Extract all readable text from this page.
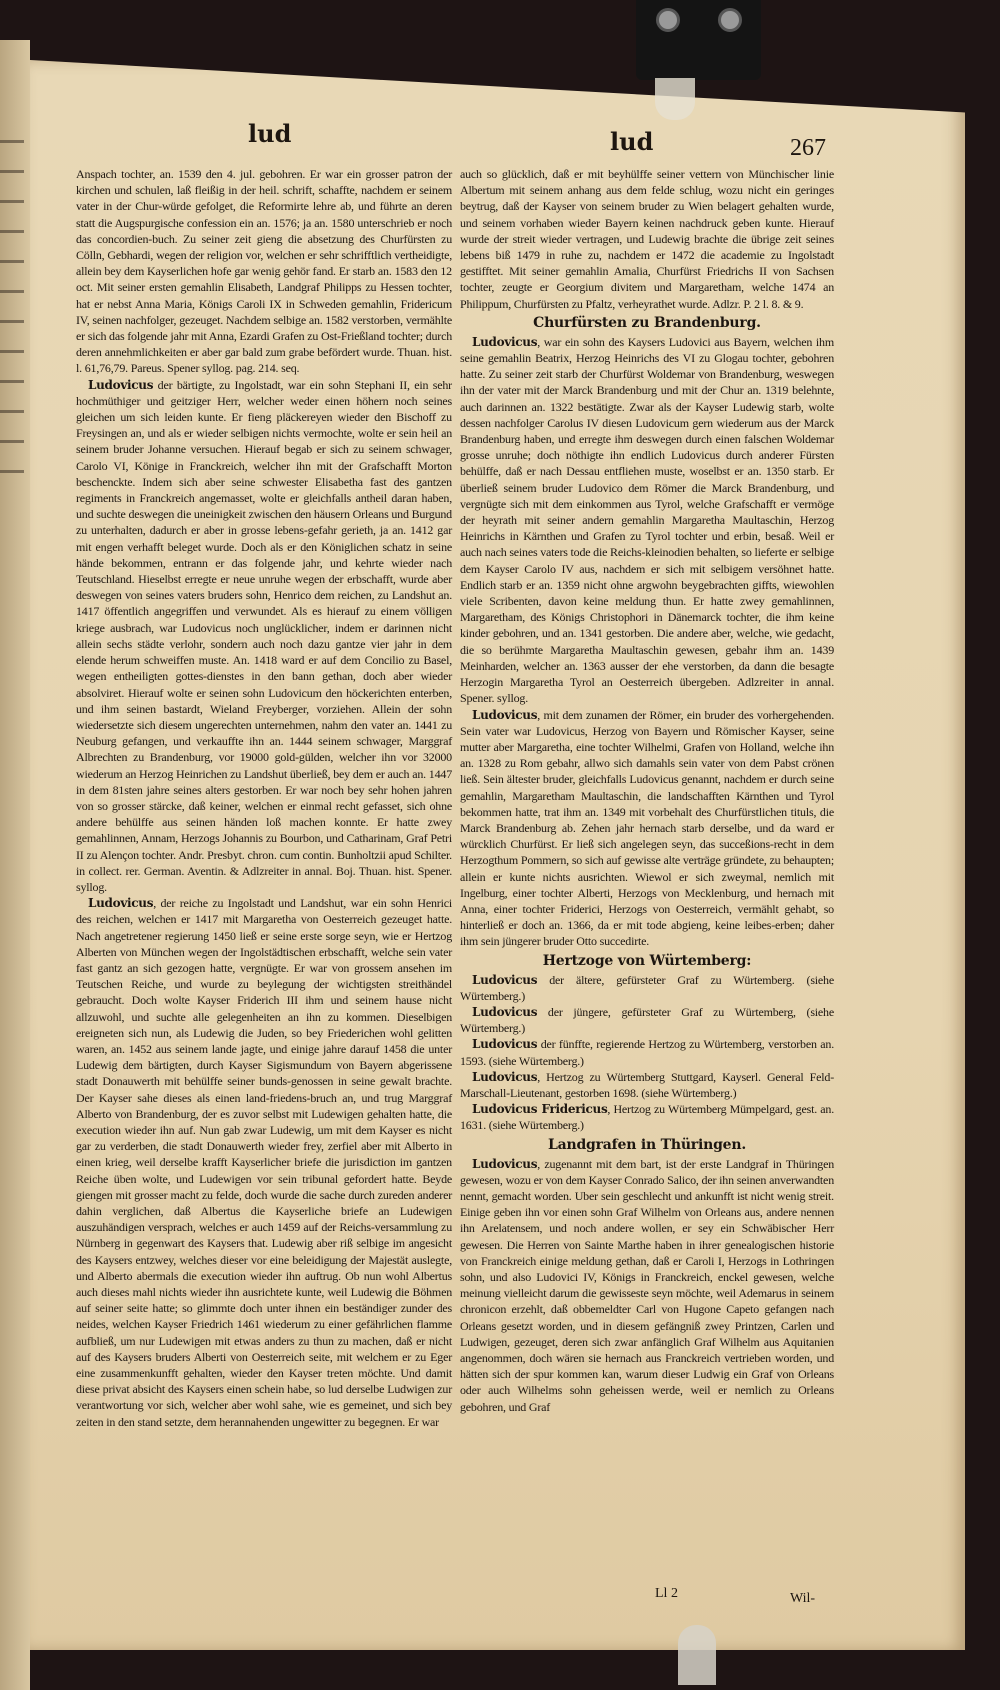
lud	lud	267

Anspach tochter, an. 1539 den 4. jul. gebohren. Er war ein grosser patron der kirchen und schulen, laß fleißig in der heil. schrift, schaffte, nachdem er seinem vater in der Chur-würde gefolget, die Reformirte lehre ab, und führte an deren statt die Augspurgische confession ein an. 1576; ja an. 1580 unterschrieb er noch das concordien-buch. Zu seiner zeit gieng die absetzung des Churfürsten zu Cölln, Gebhardi, wegen der religion vor, welchen er sehr schrifftlich vertheidigte, allein bey dem Kayserlichen hofe gar wenig gehör fand. Er starb an. 1583 den 12 oct. Mit seiner ersten gemahlin Elisabeth, Landgraf Philipps zu Hessen tochter, hat er nebst Anna Maria, Königs Caroli IX in Schweden gemahlin, Fridericum IV, seinen nachfolger, gezeuget. Nachdem selbige an. 1582 verstorben, vermählte er sich das folgende jahr mit Anna, Ezardi Grafen zu Ost-Frießland tochter; durch deren annehmlichkeiten er aber gar bald zum grabe befördert wurde. Thuan. hist. l. 61,76,79. Pareus. Spener syllog. pag. 214. seq.

Ludovicus der bärtigte, zu Ingolstadt, war ein sohn Stephani II, ein sehr hochmüthiger und geitziger Herr, welcher weder einen höhern noch seines gleichen um sich leiden kunte. Er fieng pläckereyen wieder den Bischoff zu Freysingen an, und als er wieder selbigen nichts vermochte, wolte er sein heil an seinem bruder Johanne versuchen. Hierauf begab er sich zu seinem schwager, Carolo VI, Könige in Franckreich, welcher ihn mit der Grafschafft Morton beschenckte. Indem sich aber seine schwester Elisabetha fast des gantzen regiments in Franckreich angemasset, wolte er gleichfalls antheil daran haben, und suchte deswegen die uneinigkeit zwischen den häusern Orleans und Burgund zu unterhalten, dadurch er aber in grosse lebens-gefahr gerieth, ja an. 1412 gar mit engen verhafft beleget wurde. Doch als er den Königlichen schatz in seine hände bekommen, entrann er das folgende jahr, und kehrte wieder nach Teutschland. Hieselbst erregte er neue unruhe wegen der erbschafft, wurde aber deswegen von seines vaters bruders sohn, Henrico dem reichen, zu Landshut an. 1417 öffentlich angegriffen und verwundet. Als es hierauf zu einem völligen kriege ausbrach, war Ludovicus noch unglücklicher, indem er darinnen nicht allein sechs städte verlohr, sondern auch noch dazu gantze vier jahr in dem elende herum schweiffen muste. An. 1418 ward er auf dem Concilio zu Basel, wegen entheiligten gottes-dienstes in den bann gethan, doch aber wieder absolviret. Hierauf wolte er seinen sohn Ludovicum den höckerichten enterben, und ihm seinen bastardt, Wieland Freyberger, vorziehen. Allein der sohn wiedersetzte sich diesem ungerechten unternehmen, nahm den vater an. 1441 zu Neuburg gefangen, und verkauffte ihn an. 1444 seinem schwager, Marggraf Albrechten zu Brandenburg, vor 19000 gold-gülden, welcher ihn vor 32000 wiederum an Herzog Heinrichen zu Landshut überließ, bey dem er auch an. 1447 in dem 81sten jahre seines alters gestorben. Er war noch bey sehr hohen jahren von so grosser stärcke, daß keiner, welchen er einmal recht gefasset, sich ohne andere behülffe aus seinen händen loß machen konnte. Er hatte zwey gemahlinnen, Annam, Herzogs Johannis zu Bourbon, und Catharinam, Graf Petri II zu Alençon tochter. Andr. Presbyt. chron. cum contin. Bunholtzii apud Schilter. in collect. rer. German. Aventin. & Adlzreiter in annal. Boj. Thuan. hist. Spener. syllog.

Ludovicus, der reiche zu Ingolstadt und Landshut, war ein sohn Henrici des reichen, welchen er 1417 mit Margaretha von Oesterreich gezeuget hatte. Nach angetretener regierung 1450 ließ er seine erste sorge seyn, wie er Hertzog Alberten von München wegen der Ingolstädtischen erbschafft, welche sein vater fast gantz an sich gezogen hatte, vergnügte. Er war von grossem ansehen im Teutschen Reiche, und wurde zu beylegung der wichtigsten streithändel gebraucht. Doch wolte Kayser Friderich III ihm und seinem hause nicht allzuwohl, und suchte alle gelegenheiten an ihn zu kommen. Dieselbigen ereigneten sich nun, als Ludewig die Juden, so bey Friederichen wohl gelitten waren, an. 1452 aus seinem lande jagte, und einige jahre darauf 1458 die unter Ludewig dem bärtigten, durch Kayser Sigismundum von Bayern abgerissene stadt Donauwerth mit behülffe seiner bunds-genossen in seine gewalt brachte. Der Kayser sahe dieses als einen land-friedens-bruch an, und trug Marggraf Alberto von Brandenburg, der es zuvor selbst mit Ludewigen gehalten hatte, die execution wieder ihn auf. Nun gab zwar Ludewig, um mit dem Kayser es nicht gar zu verderben, die stadt Donauwerth wieder frey, zerfiel aber mit Alberto in einen krieg, weil derselbe krafft Kayserlicher briefe die jurisdiction im gantzen Reiche üben wolte, und Ludewigen vor sein tribunal gefordert hatte. Beyde giengen mit grosser macht zu felde, doch wurde die sache durch zureden anderer dahin verglichen, daß Albertus die Kayserliche briefe an Ludewigen auszuhändigen versprach, welches er auch 1459 auf der Reichs-versammlung zu Nürnberg in gegenwart des Kaysers that. Ludewig aber riß selbige im angesicht des Kaysers entzwey, welches dieser vor eine beleidigung der Majestät auslegte, und Alberto abermals die execution wieder ihn auftrug. Ob nun wohl Albertus auch dieses mahl nichts wieder ihn ausrichtete kunte, weil Ludewig die Böhmen auf seiner seite hatte; so glimmte doch unter ihnen ein beständiger zunder des neides, welchen Kayser Friedrich 1461 wiederum zu einer gefährlichen flamme aufbließ, um nur Ludewigen mit etwas anders zu thun zu machen, daß er nicht auf des Kaysers bruders Alberti von Oesterreich seite, mit welchem er zu Eger eine zusammenkunfft gehalten, wieder den Kayser treten möchte. Und damit diese privat absicht des Kaysers einen schein habe, so lud derselbe Ludwigen zur verantwortung vor sich, welcher aber wohl sahe, wie es gemeinet, und sich bey zeiten in den stand setzte, dem herannahenden ungewitter zu begegnen. Er war

auch so glücklich, daß er mit beyhülffe seiner vettern von Münchischer linie Albertum mit seinem anhang aus dem felde schlug, wozu nicht ein geringes beytrug, daß der Kayser von seinem bruder zu Wien belagert gehalten wurde, und seinem vorhaben wieder Bayern keinen nachdruck geben kunte. Hierauf wurde der streit wieder vertragen, und Ludewig brachte die übrige zeit seines lebens biß 1479 in ruhe zu, nachdem er 1472 die academie zu Ingolstadt gestifftet. Mit seiner gemahlin Amalia, Churfürst Friedrichs II von Sachsen tochter, zeugte er Georgium divitem und Margaretham, welche 1474 an Philippum, Churfürsten zu Pfaltz, verheyrathet wurde. Adlzr. P. 2 l. 8. & 9.

Churfürsten zu Brandenburg.

Ludovicus, war ein sohn des Kaysers Ludovici aus Bayern, welchen ihm seine gemahlin Beatrix, Herzog Heinrichs des VI zu Glogau tochter, gebohren hatte. Zu seiner zeit starb der Churfürst Woldemar von Brandenburg, weswegen ihn der vater mit der Marck Brandenburg und mit der Chur an. 1319 belehnte, auch darinnen an. 1322 bestätigte. Zwar als der Kayser Ludewig starb, wolte dessen nachfolger Carolus IV diesen Ludovicum gern wiederum aus der Marck Brandenburg haben, und erregte ihm deswegen durch einen falschen Woldemar grosse unruhe; doch nöthigte ihn endlich Ludovicus durch anderer Fürsten behülffe, daß er nach Dessau entfliehen muste, woselbst er an. 1350 starb. Er überließ seinem bruder Ludovico dem Römer die Marck Brandenburg, und vergnügte sich mit dem einkommen aus Tyrol, welche Grafschafft er vermöge der heyrath mit seiner andern gemahlin Margaretha Maultaschin, Herzog Heinrichs in Kärnthen und Grafen zu Tyrol tochter und erbin, besaß. Weil er auch nach seines vaters tode die Reichs-kleinodien behalten, so lieferte er selbige dem Kayser Carolo IV aus, nachdem er sich mit selbigem versöhnet hatte. Endlich starb er an. 1359 nicht ohne argwohn beygebrachten giffts, wiewohlen viele Scribenten, davon keine meldung thun. Er hatte zwey gemahlinnen, Margaretham, des Königs Christophori in Dänemarck tochter, die ihm keine kinder gebohren, und an. 1341 gestorben. Die andere aber, welche, wie gedacht, die so berühmte Margaretha Maultaschin gewesen, gebahr ihm an. 1439 Meinharden, welcher an. 1363 ausser der ehe verstorben, da dann die besagte Herzogin Margaretha Tyrol an Oesterreich übergeben. Adlzreiter in annal. Spener. syllog.

Ludovicus, mit dem zunamen der Römer, ein bruder des vorhergehenden. Sein vater war Ludovicus, Herzog von Bayern und Römischer Kayser, seine mutter aber Margaretha, eine tochter Wilhelmi, Grafen von Holland, welche ihn an. 1328 zu Rom gebahr, allwo sich damahls sein vater von dem Pabst crönen ließ. Sein ältester bruder, gleichfalls Ludovicus genannt, nachdem er durch seine gemahlin, Margaretham Maultaschin, die landschafften Kärnthen und Tyrol bekommen hatte, trat ihm an. 1349 mit vorbehalt des Churfürstlichen tituls, die Marck Brandenburg ab. Zehen jahr hernach starb derselbe, und da ward er würcklich Churfürst. Er ließ sich angelegen seyn, das succeßions-recht in dem Herzogthum Pommern, so sich auf gewisse alte verträge gründete, zu behaupten; allein er kunte nichts ausrichten. Wiewol er sich zweymal, nemlich mit Ingelburg, einer tochter Alberti, Herzogs von Mecklenburg, und hernach mit Anna, einer tochter Friderici, Herzogs von Oesterreich, vermählt gehabt, so hinterließ er doch an. 1366, da er mit tode abgieng, keine leibes-erben; daher ihm sein jüngerer bruder Otto succedirte.

Hertzoge von Würtemberg:

Ludovicus der ältere, gefürsteter Graf zu Würtemberg. (siehe Würtemberg.)

Ludovicus der jüngere, gefürsteter Graf zu Würtemberg, (siehe Würtemberg.)

Ludovicus der fünffte, regierende Hertzog zu Würtemberg, verstorben an. 1593. (siehe Würtemberg.)

Ludovicus, Hertzog zu Würtemberg Stuttgard, Kayserl. General Feld-Marschall-Lieutenant, gestorben 1698. (siehe Würtemberg.)

Ludovicus Fridericus, Hertzog zu Würtemberg Mümpelgard, gest. an. 1631. (siehe Würtemberg.)

Landgrafen in Thüringen.

Ludovicus, zugenannt mit dem bart, ist der erste Landgraf in Thüringen gewesen, wozu er von dem Kayser Conrado Salico, der ihn seinen anverwandten nennt, gemacht worden. Uber sein geschlecht und ankunfft ist nicht wenig streit. Einige geben ihn vor einen sohn Graf Wilhelm von Orleans aus, andere nennen ihn Arelatensem, und noch andere wollen, er sey ein Schwäbischer Herr gewesen. Die Herren von Sainte Marthe haben in ihrer genealogischen historie von Franckreich einige meldung gethan, daß er Caroli I, Herzogs in Lothringen sohn, und also Ludovici IV, Königs in Franckreich, enckel gewesen, welche meinung vielleicht darum die gewisseste seyn möchte, weil Ademarus in seinem chronicon erzehlt, daß obbemeldter Carl von Hugone Capeto gefangen nach Orleans gesetzt worden, und in diesem gefängniß zwey Printzen, Carlen und Ludwigen, gezeuget, deren sich zwar anfänglich Graf Wilhelm aus Aquitanien angenommen, doch wären sie hernach aus Franckreich vertrieben worden, und hätten sich der spur kommen kan, warum dieser Ludwig ein Graf von Orleans oder auch Wilhelms sohn geheissen werde, weil er nemlich zu Orleans gebohren, und Graf

Ll 2	Wil-
